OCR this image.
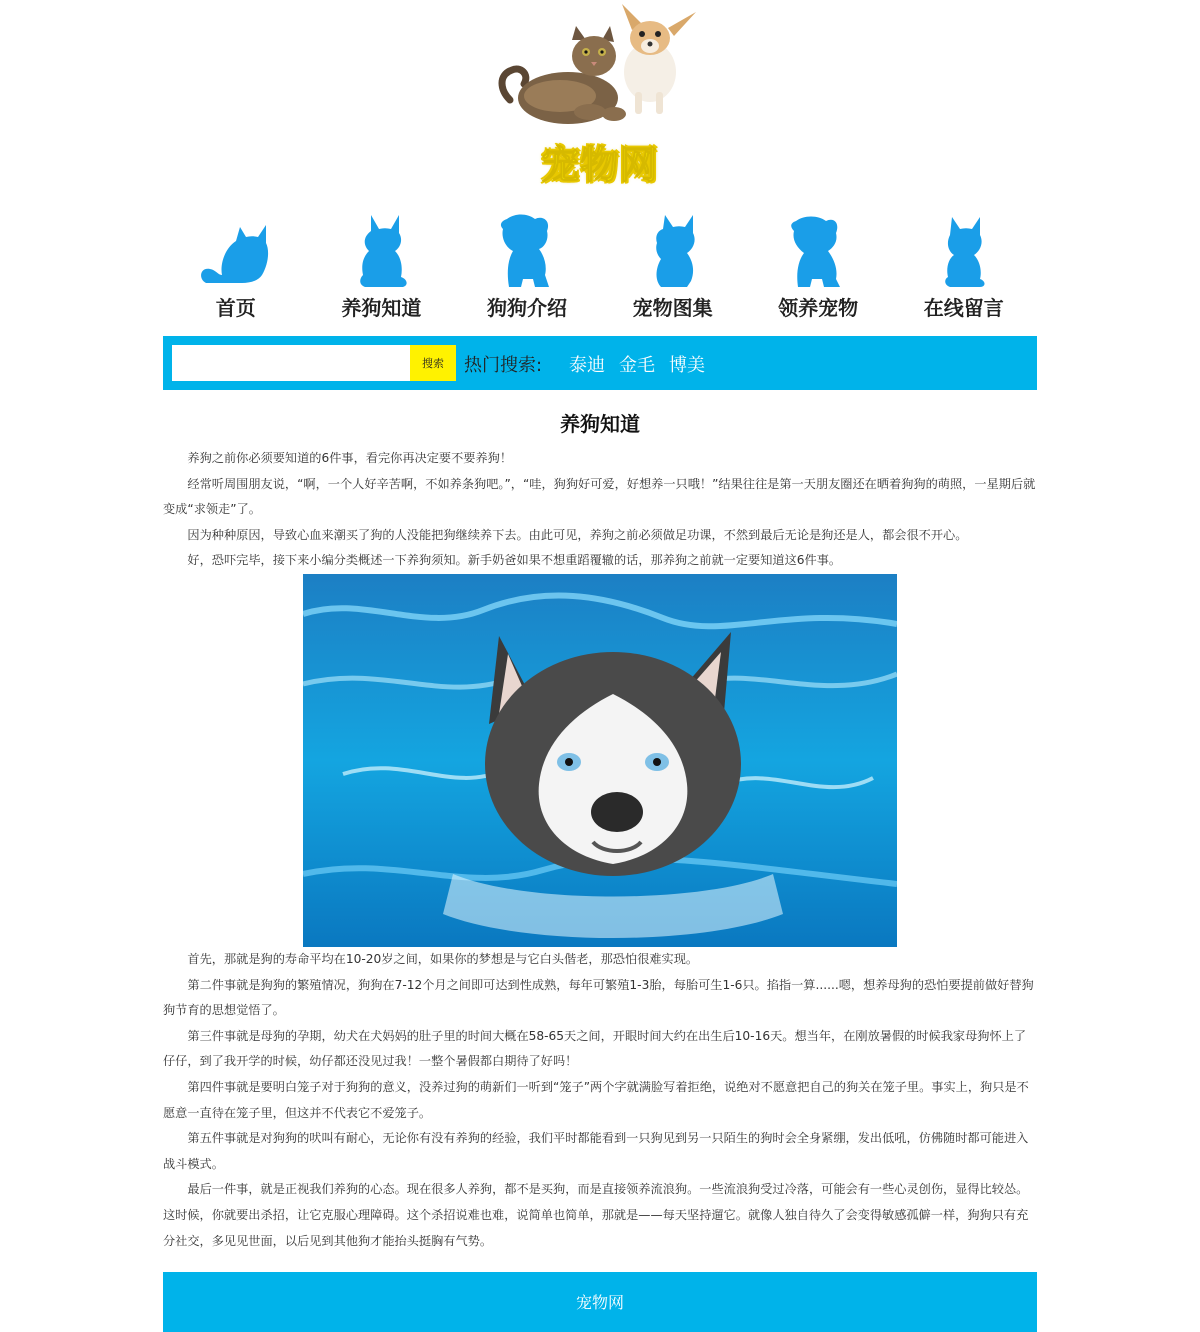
宠物网
首页	养狗知道	狗狗介绍	宠物图集	领养宠物	在线留言
搜索	热门搜索: 泰迪 金毛 博美
养狗知道

养狗之前你必须要知道的6件事，看完你再决定要不要养狗！

经常听周围朋友说，“啊，一个人好辛苦啊，不如养条狗吧。”，“哇，狗狗好可爱，好想养一只哦！”结果往往是第一天朋友圈还在晒着狗狗的萌照，一星期后就变成“求领走”了。

因为种种原因，导致心血来潮买了狗的人没能把狗继续养下去。由此可见，养狗之前必须做足功课，不然到最后无论是狗还是人，都会很不开心。

好，恐吓完毕，接下来小编分类概述一下养狗须知。新手奶爸如果不想重蹈覆辙的话，那养狗之前就一定要知道这6件事。

首先，那就是狗的寿命平均在10-20岁之间，如果你的梦想是与它白头偕老，那恐怕很难实现。

第二件事就是狗狗的繁殖情况，狗狗在7-12个月之间即可达到性成熟，每年可繁殖1-3胎，每胎可生1-6只。掐指一算......嗯，想养母狗的恐怕要提前做好替狗狗节育的思想觉悟了。

第三件事就是母狗的孕期，幼犬在犬妈妈的肚子里的时间大概在58-65天之间，开眼时间大约在出生后10-16天。想当年，在刚放暑假的时候我家母狗怀上了仔仔，到了我开学的时候，幼仔都还没见过我！一整个暑假都白期待了好吗！

第四件事就是要明白笼子对于狗狗的意义，没养过狗的萌新们一听到“笼子”两个字就满脸写着拒绝，说绝对不愿意把自己的狗关在笼子里。事实上，狗只是不愿意一直待在笼子里，但这并不代表它不爱笼子。

第五件事就是对狗狗的吠叫有耐心，无论你有没有养狗的经验，我们平时都能看到一只狗见到另一只陌生的狗时会全身紧绷，发出低吼，仿佛随时都可能进入战斗模式。

最后一件事，就是正视我们养狗的心态。现在很多人养狗，都不是买狗，而是直接领养流浪狗。一些流浪狗受过冷落，可能会有一些心灵创伤，显得比较怂。这时候，你就要出杀招，让它克服心理障碍。这个杀招说难也难，说简单也简单，那就是——每天坚持遛它。就像人独自待久了会变得敏感孤僻一样，狗狗只有充分社交，多见见世面，以后见到其他狗才能抬头挺胸有气势。

宠物网
